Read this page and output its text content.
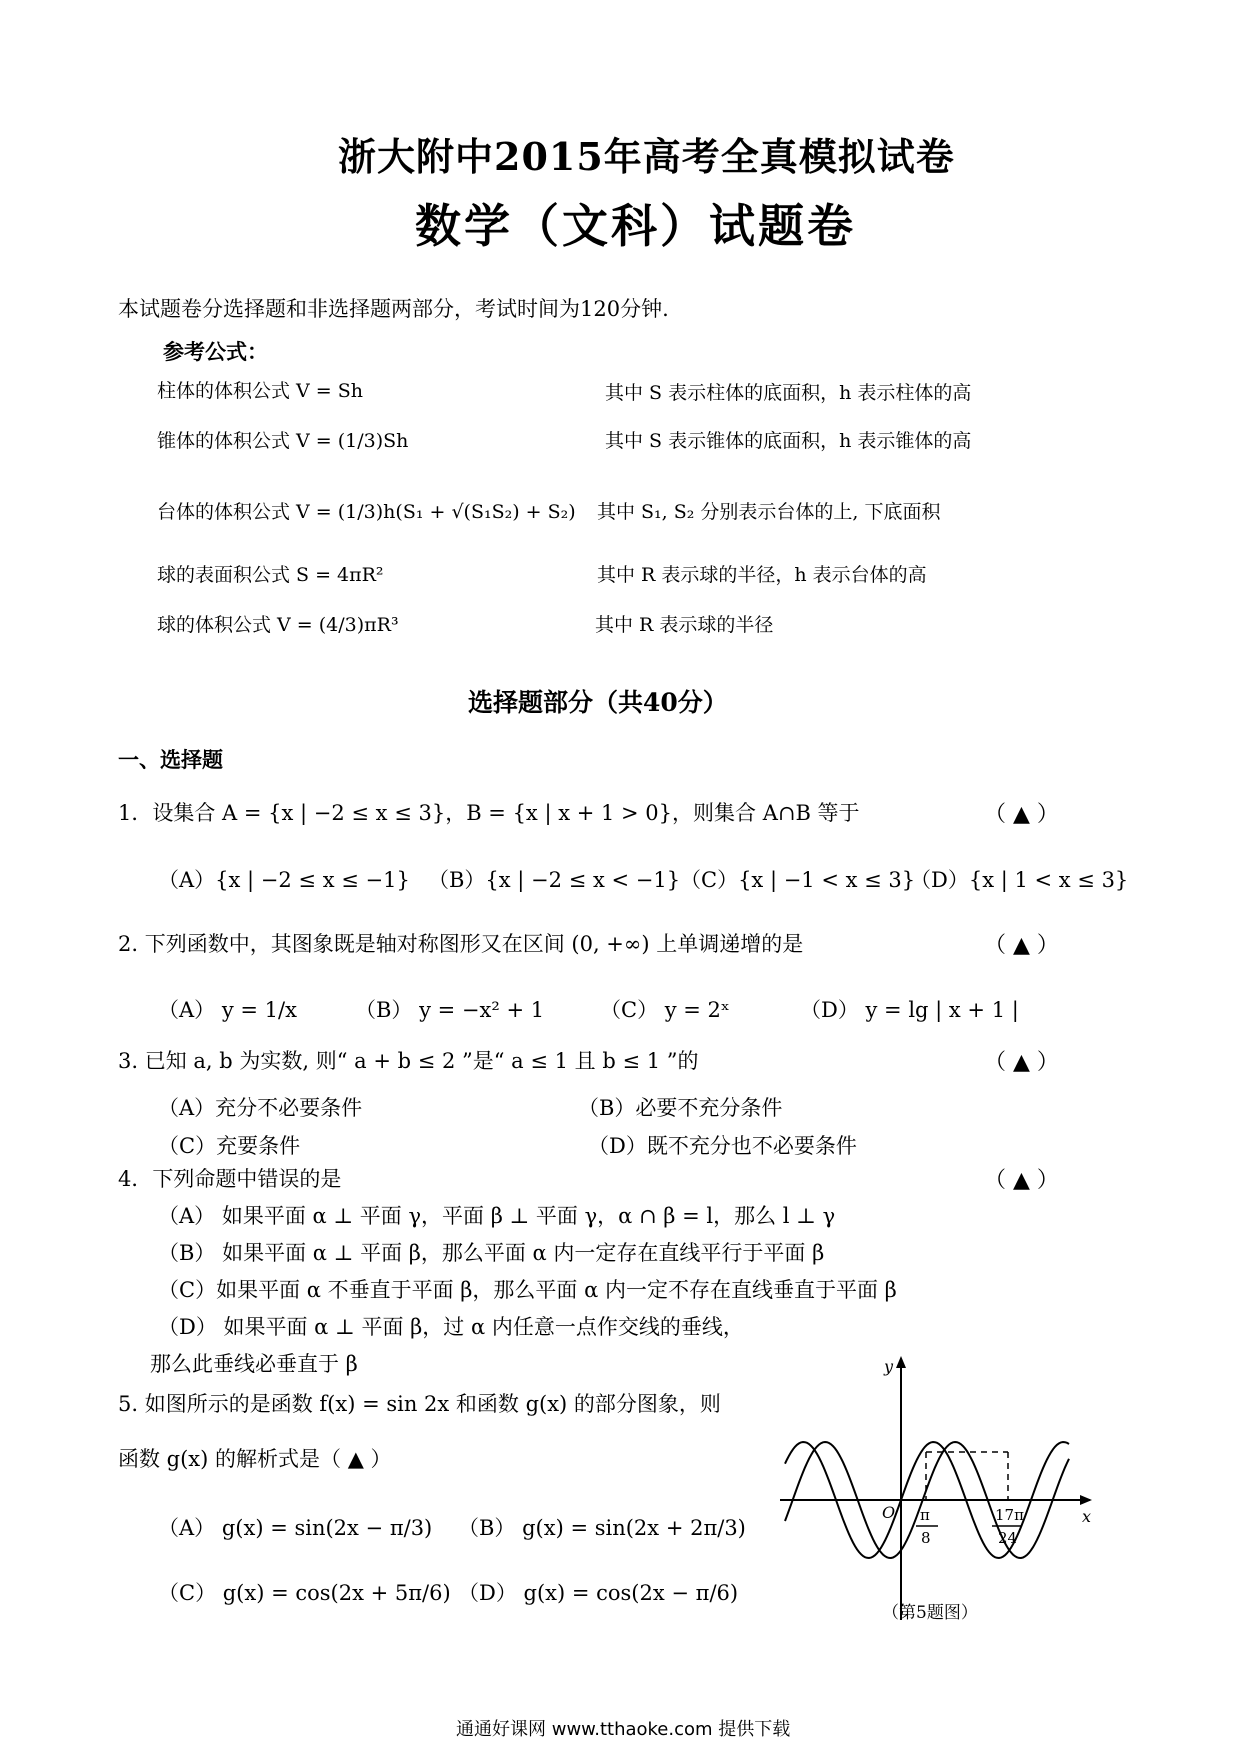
浙大附中2015年高考全真模拟试卷
数学（文科）试题卷
本试题卷分选择题和非选择题两部分，考试时间为120分钟.
参考公式：
柱体的体积公式 V = Sh	其中 S 表示柱体的底面积，h 表示柱体的高
锥体的体积公式 V = (1/3)Sh	其中 S 表示锥体的底面积，h 表示锥体的高
台体的体积公式 V = (1/3)h(S₁ + √(S₁S₂) + S₂) 其中 S₁, S₂ 分别表示台体的上, 下底面积
球的表面积公式 S = 4πR²	其中 R 表示球的半径，h 表示台体的高
球的体积公式 V = (4/3)πR³	其中 R 表示球的半径
选择题部分（共40分）
一、选择题
1．设集合 A = {x | −2 ≤ x ≤ 3}，B = {x | x + 1 > 0}，则集合 A∩B 等于	（ ▲ ）
（A）{x | −2 ≤ x ≤ −1} （B）{x | −2 ≤ x < −1} （C）{x | −1 < x ≤ 3}
（D）{x | 1 < x ≤ 3}
2. 下列函数中，其图象既是轴对称图形又在区间 (0, +∞) 上单调递增的是	（ ▲ ）
（A） y = 1/x	（B） y = −x² + 1	（C） y = 2ˣ	（D） y = lg | x + 1 |
3. 已知 a, b 为实数, 则“ a + b ≤ 2 ”是“ a ≤ 1 且 b ≤ 1 ”的	（ ▲ ）
（A）充分不必要条件	（B）必要不充分条件
（C）充要条件	（D）既不充分也不必要条件
4．下列命题中错误的是	（ ▲ ）
（A） 如果平面 α ⊥ 平面 γ，平面 β ⊥ 平面 γ，α ∩ β = l，那么 l ⊥ γ
（B） 如果平面 α ⊥ 平面 β，那么平面 α 内一定存在直线平行于平面 β
（C）如果平面 α 不垂直于平面 β，那么平面 α 内一定不存在直线垂直于平面 β
（D） 如果平面 α ⊥ 平面 β，过 α 内任意一点作交线的垂线，
那么此垂线必垂直于 β
5. 如图所示的是函数 f(x) = sin 2x 和函数 g(x) 的部分图象，则
函数 g(x) 的解析式是（ ▲ ）
（A） g(x) = sin(2x − π/3) （B） g(x) = sin(2x + 2π/3)
（C） g(x) = cos(2x + 5π/6) （D） g(x) = cos(2x − π/6)
x
y
O π
8
17π
24
（第5题图）
通通好课网 www.tthaoke.com 提供下载
